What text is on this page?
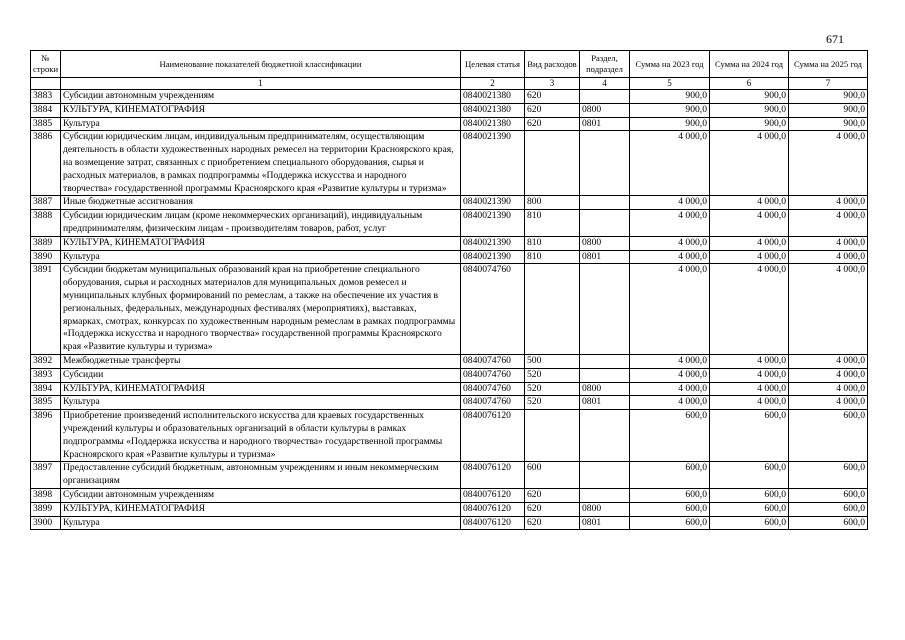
671
№ строки	Наименование показателей бюджетной классификации	Целевая статья	Вид расходов	Раздел, подраздел	Сумма на 2023 год	Сумма на 2024 год	Сумма на 2025 год
	1	2	3	4	5	6	7
3883	Субсидии автономным учреждениям	0840021380	620		900,0	900,0	900,0
3884	КУЛЬТУРА, КИНЕМАТОГРАФИЯ	0840021380	620	0800	900,0	900,0	900,0
3885	Культура	0840021380	620	0801	900,0	900,0	900,0
3886	Субсидии юридическим лицам, индивидуальным предпринимателям, осуществляющим деятельность в области художественных народных ремесел на территории Красноярского края, на возмещение затрат, связанных с приобретением специального оборудования, сырья и расходных материалов, в рамках подпрограммы «Поддержка искусства и народного творчества» государственной программы Красноярского края «Развитие культуры и туризма»	0840021390			4 000,0	4 000,0	4 000,0
3887	Иные бюджетные ассигнования	0840021390	800		4 000,0	4 000,0	4 000,0
3888	Субсидии юридическим лицам (кроме некоммерческих организаций), индивидуальным предпринимателям, физическим лицам - производителям товаров, работ, услуг	0840021390	810		4 000,0	4 000,0	4 000,0
3889	КУЛЬТУРА, КИНЕМАТОГРАФИЯ	0840021390	810	0800	4 000,0	4 000,0	4 000,0
3890	Культура	0840021390	810	0801	4 000,0	4 000,0	4 000,0
3891	Субсидии бюджетам муниципальных образований края на приобретение специального оборудования, сырья и расходных материалов для муниципальных домов ремесел и муниципальных клубных формирований по ремеслам, а также на обеспечение их участия в региональных, федеральных, международных фестивалях (мероприятиях), выставках, ярмарках, смотрах, конкурсах по художественным народным ремеслам в рамках подпрограммы «Поддержка искусства и народного творчества» государственной программы Красноярского края «Развитие культуры и туризма»	0840074760			4 000,0	4 000,0	4 000,0
3892	Межбюджетные трансферты	0840074760	500		4 000,0	4 000,0	4 000,0
3893	Субсидии	0840074760	520		4 000,0	4 000,0	4 000,0
3894	КУЛЬТУРА, КИНЕМАТОГРАФИЯ	0840074760	520	0800	4 000,0	4 000,0	4 000,0
3895	Культура	0840074760	520	0801	4 000,0	4 000,0	4 000,0
3896	Приобретение произведений исполнительского искусства для краевых государственных учреждений культуры и образовательных организаций в области культуры в рамках подпрограммы «Поддержка искусства и народного творчества» государственной программы Красноярского края «Развитие культуры и туризма»	0840076120			600,0	600,0	600,0
3897	Предоставление субсидий бюджетным, автономным учреждениям и иным некоммерческим организациям	0840076120	600		600,0	600,0	600,0
3898	Субсидии автономным учреждениям	0840076120	620		600,0	600,0	600,0
3899	КУЛЬТУРА, КИНЕМАТОГРАФИЯ	0840076120	620	0800	600,0	600,0	600,0
3900	Культура	0840076120	620	0801	600,0	600,0	600,0
